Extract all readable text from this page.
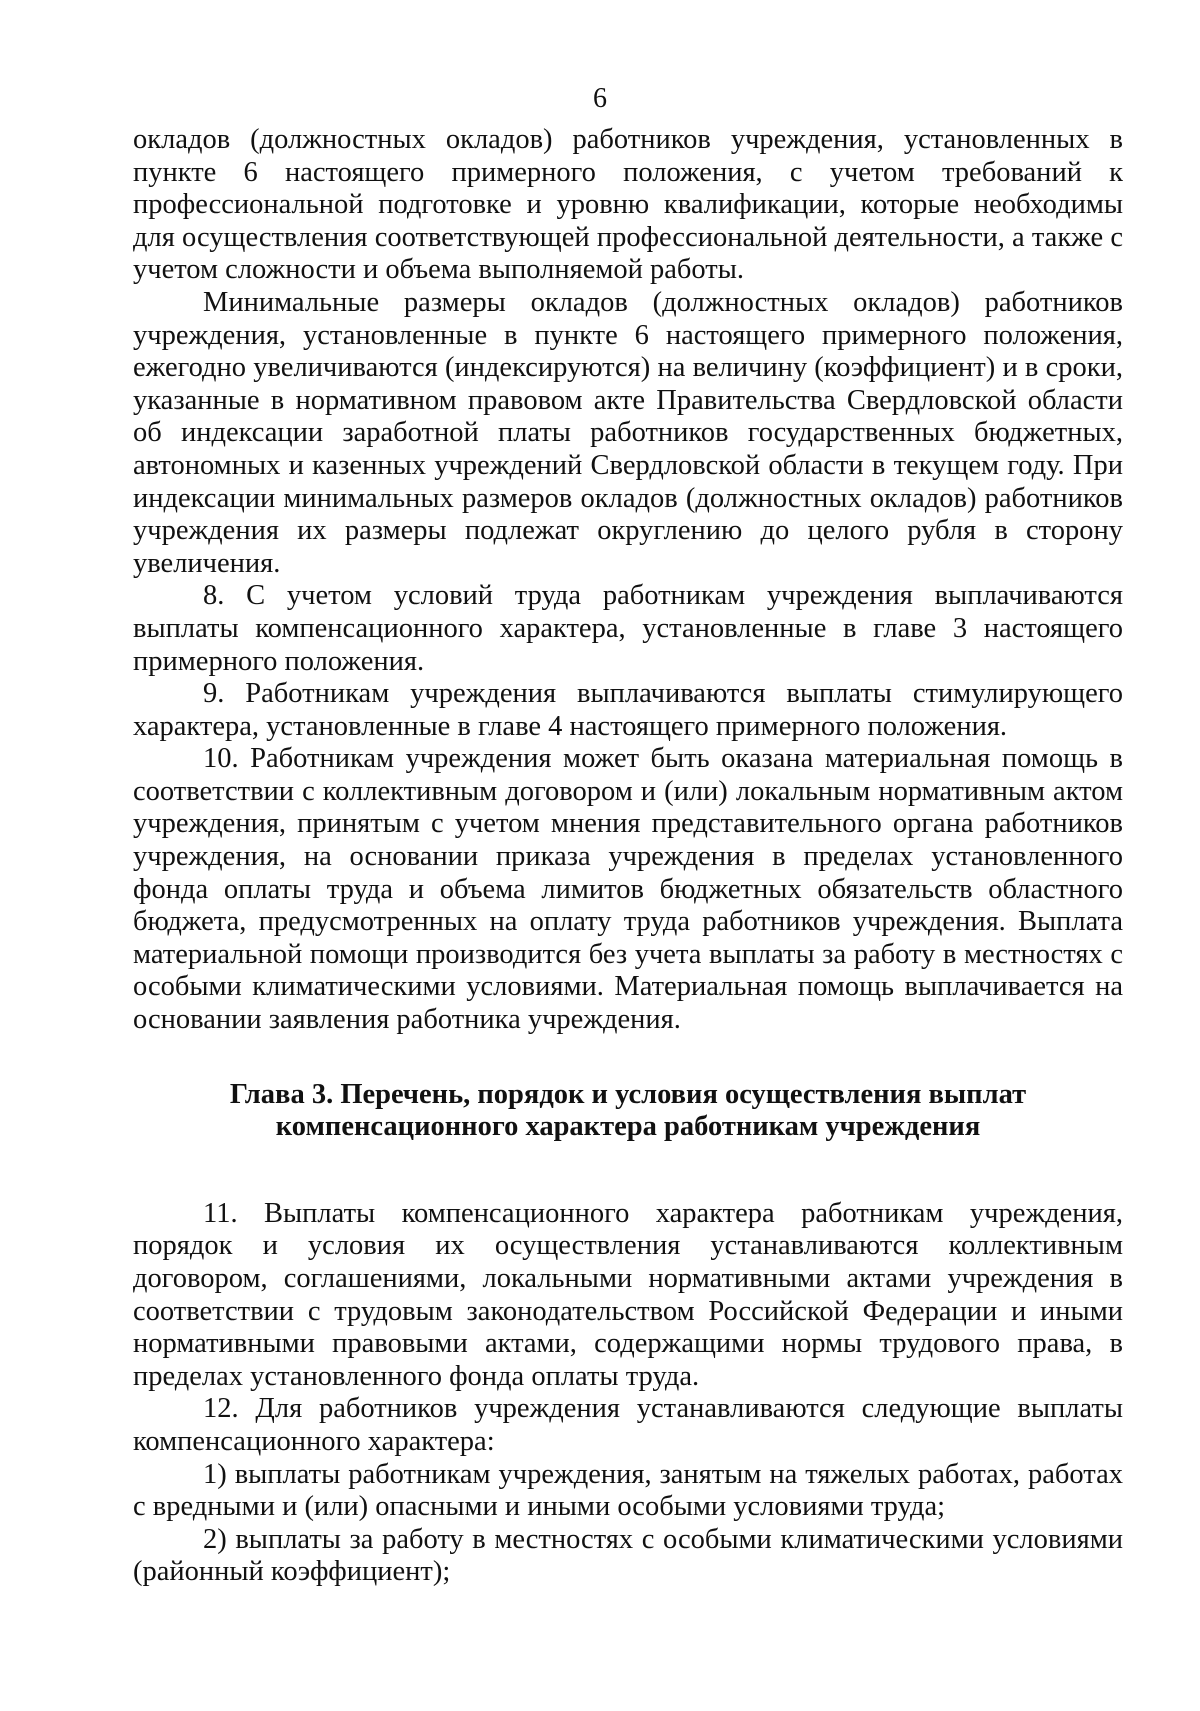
6

окладов (должностных окладов) работников учреждения, установленных в пункте 6 настоящего примерного положения, с учетом требований к профессиональной подготовке и уровню квалификации, которые необходимы для осуществления соответствующей профессиональной деятельности, а также с учетом сложности и объема выполняемой работы.

Минимальные размеры окладов (должностных окладов) работников учреждения, установленные в пункте 6 настоящего примерного положения, ежегодно увеличиваются (индексируются) на величину (коэффициент) и в сроки, указанные в нормативном правовом акте Правительства Свердловской области об индексации заработной платы работников государственных бюджетных, автономных и казенных учреждений Свердловской области в текущем году. При индексации минимальных размеров окладов (должностных окладов) работников учреждения их размеры подлежат округлению до целого рубля в сторону увеличения.

8. С учетом условий труда работникам учреждения выплачиваются выплаты компенсационного характера, установленные в главе 3 настоящего примерного положения.

9. Работникам учреждения выплачиваются выплаты стимулирующего характера, установленные в главе 4 настоящего примерного положения.

10. Работникам учреждения может быть оказана материальная помощь в соответствии с коллективным договором и (или) локальным нормативным актом учреждения, принятым с учетом мнения представительного органа работников учреждения, на основании приказа учреждения в пределах установленного фонда оплаты труда и объема лимитов бюджетных обязательств областного бюджета, предусмотренных на оплату труда работников учреждения. Выплата материальной помощи производится без учета выплаты за работу в местностях с особыми климатическими условиями. Материальная помощь выплачивается на основании заявления работника учреждения.

Глава 3. Перечень, порядок и условия осуществления выплат
компенсационного характера работникам учреждения

11. Выплаты компенсационного характера работникам учреждения, порядок и условия их осуществления устанавливаются коллективным договором, соглашениями, локальными нормативными актами учреждения в соответствии с трудовым законодательством Российской Федерации и иными нормативными правовыми актами, содержащими нормы трудового права, в пределах установленного фонда оплаты труда.

12. Для работников учреждения устанавливаются следующие выплаты компенсационного характера:

1) выплаты работникам учреждения, занятым на тяжелых работах, работах с вредными и (или) опасными и иными особыми условиями труда;

2) выплаты за работу в местностях с особыми климатическими условиями (районный коэффициент);
